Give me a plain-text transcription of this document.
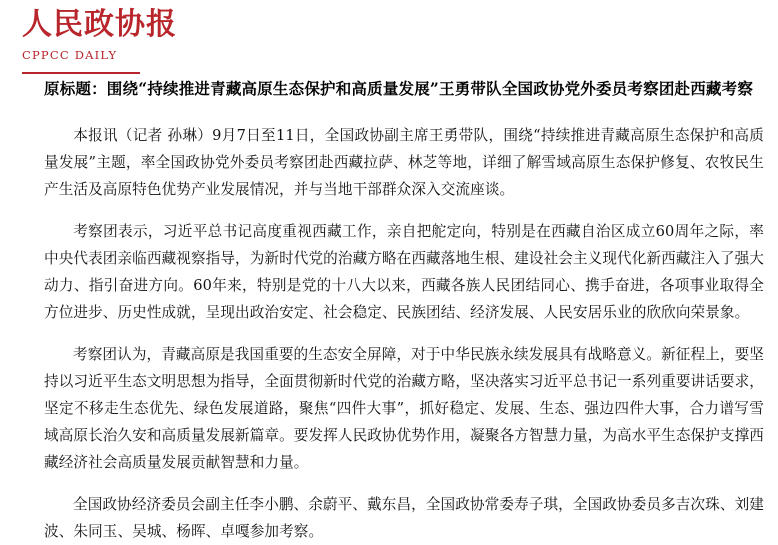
人民政协报
CPPCC DAILY
原标题：围绕“持续推进青藏高原生态保护和高质量发展”王勇带队全国政协党外委员考察团赴西藏考察
本报讯（记者 孙琳）9月7日至11日，全国政协副主席王勇带队，围绕“持续推进青藏高原生态保护和高质量发展”主题，率全国政协党外委员考察团赴西藏拉萨、林芝等地，详细了解雪域高原生态保护修复、农牧民生产生活及高原特色优势产业发展情况，并与当地干部群众深入交流座谈。
考察团表示，习近平总书记高度重视西藏工作，亲自把舵定向，特别是在西藏自治区成立60周年之际，率中央代表团亲临西藏视察指导，为新时代党的治藏方略在西藏落地生根、建设社会主义现代化新西藏注入了强大动力、指引奋进方向。60年来，特别是党的十八大以来，西藏各族人民团结同心、携手奋进，各项事业取得全方位进步、历史性成就，呈现出政治安定、社会稳定、民族团结、经济发展、人民安居乐业的欣欣向荣景象。
考察团认为，青藏高原是我国重要的生态安全屏障，对于中华民族永续发展具有战略意义。新征程上，要坚持以习近平生态文明思想为指导，全面贯彻新时代党的治藏方略，坚决落实习近平总书记一系列重要讲话要求，坚定不移走生态优先、绿色发展道路，聚焦“四件大事”，抓好稳定、发展、生态、强边四件大事，合力谱写雪域高原长治久安和高质量发展新篇章。要发挥人民政协优势作用，凝聚各方智慧力量，为高水平生态保护支撑西藏经济社会高质量发展贡献智慧和力量。
全国政协经济委员会副主任李小鹏、余蔚平、戴东昌，全国政协常委寿子琪，全国政协委员多吉次珠、刘建波、朱同玉、吴城、杨晖、卓嘎参加考察。
